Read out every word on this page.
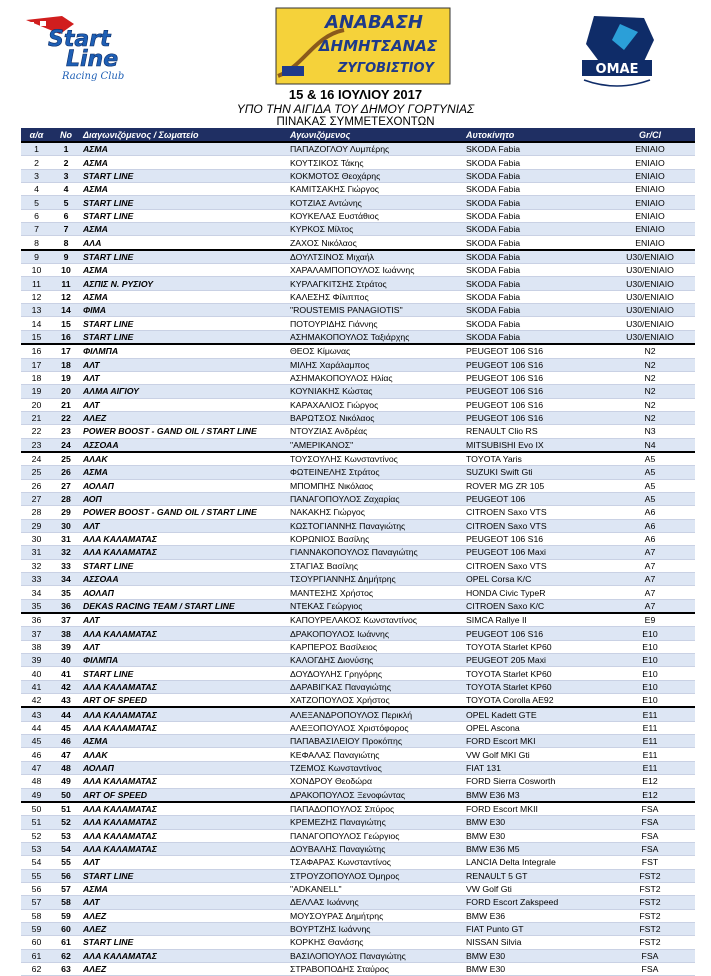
Start
Line
Racing Club
ΑΝΑΒΑΣΗ
ΔΗΜΗΤΣΑΝΑΣ
ΖΥΓΟΒΙΣΤΙΟΥ	ΟΜΑΕ
15 & 16 ΙΟΥΛΙΟΥ 2017
ΥΠΟ ΤΗΝ ΑΙΓΙΔΑ ΤΟΥ ΔΗΜΟΥ ΓΟΡΤΥΝΙΑΣ
ΠΙΝΑΚΑΣ ΣΥΜΜΕΤΕΧΟΝΤΩΝ
α/α	Νο	Διαγωνιζόμενος / Σωματείο	Αγωνιζόμενος	Αυτοκίνητο	Gr/Cl
1	1	ΑΣΜΑ	ΠΑΠΑΖΟΓΛΟΥ Λυμπέρης	SKODA Fabia	ΕΝΙΑΙΟ
2	2	ΑΣΜΑ	ΚΟΥΤΣΙΚΟΣ Τάκης	SKODA Fabia	ΕΝΙΑΙΟ
3	3	START LINE	ΚΟΚΜΟΤΟΣ Θεοχάρης	SKODA Fabia	ΕΝΙΑΙΟ
4	4	ΑΣΜΑ	ΚΑΜΙΤΣΑΚΗΣ Γιώργος	SKODA Fabia	ΕΝΙΑΙΟ
5	5	START LINE	ΚΟΤΖΙΑΣ Αντώνης	SKODA Fabia	ΕΝΙΑΙΟ
6	6	START LINE	ΚΟΥΚΕΛΑΣ Ευστάθιος	SKODA Fabia	ΕΝΙΑΙΟ
7	7	ΑΣΜΑ	ΚΥΡΚΟΣ Μίλτος	SKODA Fabia	ΕΝΙΑΙΟ
8	8	ΑΛΑ	ΖΑΧΟΣ Νικόλαος	SKODA Fabia	ΕΝΙΑΙΟ
9	9	START LINE	ΔΟΥΛΤΣΙΝΟΣ Μιχαήλ	SKODA Fabia	U30/ΕΝΙΑΙΟ
10	10	ΑΣΜΑ	ΧΑΡΑΛΑΜΠΟΠΟΥΛΟΣ Ιωάννης	SKODA Fabia	U30/ΕΝΙΑΙΟ
11	11	ΑΣΠΙΣ Ν. ΡΥΣΙΟΥ	ΚΥΡΛΑΓΚΙΤΣΗΣ Στράτος	SKODA Fabia	U30/ΕΝΙΑΙΟ
12	12	ΑΣΜΑ	ΚΑΛΕΣΗΣ Φίλιππος	SKODA Fabia	U30/ΕΝΙΑΙΟ
13	14	ΦΙΜΑ	"ROUSTEMIS PANAGIOTIS"	SKODA Fabia	U30/ΕΝΙΑΙΟ
14	15	START LINE	ΠΟΤΟΥΡΙΔΗΣ Γιάννης	SKODA Fabia	U30/ΕΝΙΑΙΟ
15	16	START LINE	ΑΣΗΜΑΚΟΠΟΥΛΟΣ Ταξιάρχης	SKODA Fabia	U30/ΕΝΙΑΙΟ
16	17	ΦΙΛΜΠΑ	ΘΕΟΣ Κίμωνας	PEUGEOT 106 S16	N2
17	18	ΑΛΤ	ΜΙΛΗΣ Χαράλαμπος	PEUGEOT 106 S16	N2
18	19	ΑΛΤ	ΑΣΗΜΑΚΟΠΟΥΛΟΣ Ηλίας	PEUGEOT 106 S16	N2
19	20	ΑΛΜΑ ΑΙΓΙΟΥ	ΚΟΥΝΙΑΚΗΣ Κώστας	PEUGEOT 106 S16	N2
20	21	ΑΛΤ	ΚΑΡΑΧΑΛΙΟΣ Γιώργος	PEUGEOT 106 S16	N2
21	22	ΑΛΕΖ	ΒΑΡΩΤΣΟΣ Νικόλαος	PEUGEOT 106 S16	N2
22	23	POWER BOOST - GAND OIL / START LINE	ΝΤΟΥΖΙΑΣ Ανδρέας	RENAULT Clio RS	N3
23	24	ΑΣΣΟΑΑ	"ΑΜΕΡΙΚΑΝΟΣ"	MITSUBISHI Evo IX	N4
24	25	ΑΛΑΚ	ΤΟΥΣΟΥΛΗΣ Κωνσταντίνος	TOYOTA Yaris	A5
25	26	ΑΣΜΑ	ΦΩΤΕΙΝΕΛΗΣ Στράτος	SUZUKI Swift Gti	A5
26	27	ΑΟΛΑΠ	ΜΠΟΜΠΗΣ Νικόλαος	ROVER MG ZR 105	A5
27	28	ΑΟΠ	ΠΑΝΑΓΟΠΟΥΛΟΣ Ζαχαρίας	PEUGEOT 106	A5
28	29	POWER BOOST - GAND OIL / START LINE	ΝΑΚΑΚΗΣ Γιώργος	CITROEN Saxo VTS	A6
29	30	ΑΛΤ	ΚΩΣΤΟΓΙΑΝΝΗΣ Παναγιώτης	CITROEN Saxo VTS	A6
30	31	ΑΛΑ ΚΑΛΑΜΑΤΑΣ	ΚΟΡΩΝΙΟΣ Βασίλης	PEUGEOT 106 S16	A6
31	32	ΑΛΑ ΚΑΛΑΜΑΤΑΣ	ΓΙΑΝΝΑΚΟΠΟΥΛΟΣ Παναγιώτης	PEUGEOT 106 Maxi	A7
32	33	START LINE	ΣΤΑΓΙΑΣ Βασίλης	CITROEN Saxo VTS	A7
33	34	ΑΣΣΟΑΑ	ΤΣΟΥΡΓΙΑΝΝΗΣ Δημήτρης	OPEL Corsa K/C	A7
34	35	ΑΟΛΑΠ	ΜΑΝΤΕΣΗΣ Χρήστος	HONDA Civic TypeR	A7
35	36	DEKAS RACING TEAM / START LINE	ΝΤΕΚΑΣ Γεώργιος	CITROEN Saxo K/C	A7
36	37	ΑΛΤ	ΚΑΠΟΥΡΕΛΑΚΟΣ Κωνσταντίνος	SIMCA Rallye II	E9
37	38	ΑΛΑ ΚΑΛΑΜΑΤΑΣ	ΔΡΑΚΟΠΟΥΛΟΣ Ιωάννης	PEUGEOT 106 S16	E10
38	39	ΑΛΤ	ΚΑΡΠΕΡΟΣ Βασίλειος	TOYOTA Starlet KP60	E10
39	40	ΦΙΛΜΠΑ	ΚΑΛΟΓΔΗΣ Διονύσης	PEUGEOT 205 Maxi	E10
40	41	START LINE	ΔΟΥΔΟΥΛΗΣ Γρηγόρης	TOYOTA Starlet KP60	E10
41	42	ΑΛΑ ΚΑΛΑΜΑΤΑΣ	ΔΑΡΑΒΙΓΚΑΣ Παναγιώτης	TOYOTA Starlet KP60	E10
42	43	ART OF SPEED	ΧΑΤΖΟΠΟΥΛΟΣ Χρήστος	TOYOTA Corolla AE92	E10
43	44	ΑΛΑ ΚΑΛΑΜΑΤΑΣ	ΑΛΕΞΑΝΔΡΟΠΟΥΛΟΣ Περικλή	OPEL Kadett GTE	E11
44	45	ΑΛΑ ΚΑΛΑΜΑΤΑΣ	ΑΛΕΞΟΠΟΥΛΟΣ Χριστόφορος	OPEL Ascona	E11
45	46	ΑΣΜΑ	ΠΑΠΑΒΑΣΙΛΕΙΟΥ Προκόπης	FORD Escort MKI	E11
46	47	ΑΛΑΚ	ΚΕΦΑΛΑΣ Παναγιώτης	VW Golf MKI Gti	E11
47	48	ΑΟΛΑΠ	ΤΖΕΜΟΣ Κωνσταντίνος	FIAT 131	E11
48	49	ΑΛΑ ΚΑΛΑΜΑΤΑΣ	ΧΟΝΔΡΟΥ Θεοδώρα	FORD Sierra Cosworth	E12
49	50	ART OF SPEED	ΔΡΑΚΟΠΟΥΛΟΣ Ξενοφώντας	BMW E36 M3	E12
50	51	ΑΛΑ ΚΑΛΑΜΑΤΑΣ	ΠΑΠΑΔΟΠΟΥΛΟΣ Σπύρος	FORD Escort MKII	FSA
51	52	ΑΛΑ ΚΑΛΑΜΑΤΑΣ	ΚΡΕΜΕΖΗΣ Παναγιώτης	BMW E30	FSA
52	53	ΑΛΑ ΚΑΛΑΜΑΤΑΣ	ΠΑΝΑΓΟΠΟΥΛΟΣ Γεώργιος	BMW E30	FSA
53	54	ΑΛΑ ΚΑΛΑΜΑΤΑΣ	ΔΟΥΒΑΛΗΣ Παναγιώτης	BMW E36 M5	FSA
54	55	ΑΛΤ	ΤΣΑΦΑΡΑΣ Κωνσταντίνος	LANCIA Delta Integrale	FST
55	56	START LINE	ΣΤΡΟΥΖΟΠΟΥΛΟΣ Όμηρος	RENAULT 5 GT	FST2
56	57	ΑΣΜΑ	"ΑDKANELL"	VW Golf Gti	FST2
57	58	ΑΛΤ	ΔΕΛΛΑΣ Ιωάννης	FORD Escort Zakspeed	FST2
58	59	ΑΛΕΖ	ΜΟΥΣΟΥΡΑΣ Δημήτρης	BMW E36	FST2
59	60	ΑΛΕΖ	ΒΟΥΡΤΖΗΣ Ιωάννης	FIAT Punto GT	FST2
60	61	START LINE	ΚΟΡΚΗΣ Θανάσης	NISSAN Silvia	FST2
61	62	ΑΛΑ ΚΑΛΑΜΑΤΑΣ	ΒΑΣΙΛΟΠΟΥΛΟΣ Παναγιώτης	BMW E30	FSA
62	63	ΑΛΕΖ	ΣΤΡΑΒΟΠΟΔΗΣ Σταύρος	BMW E30	FSA
